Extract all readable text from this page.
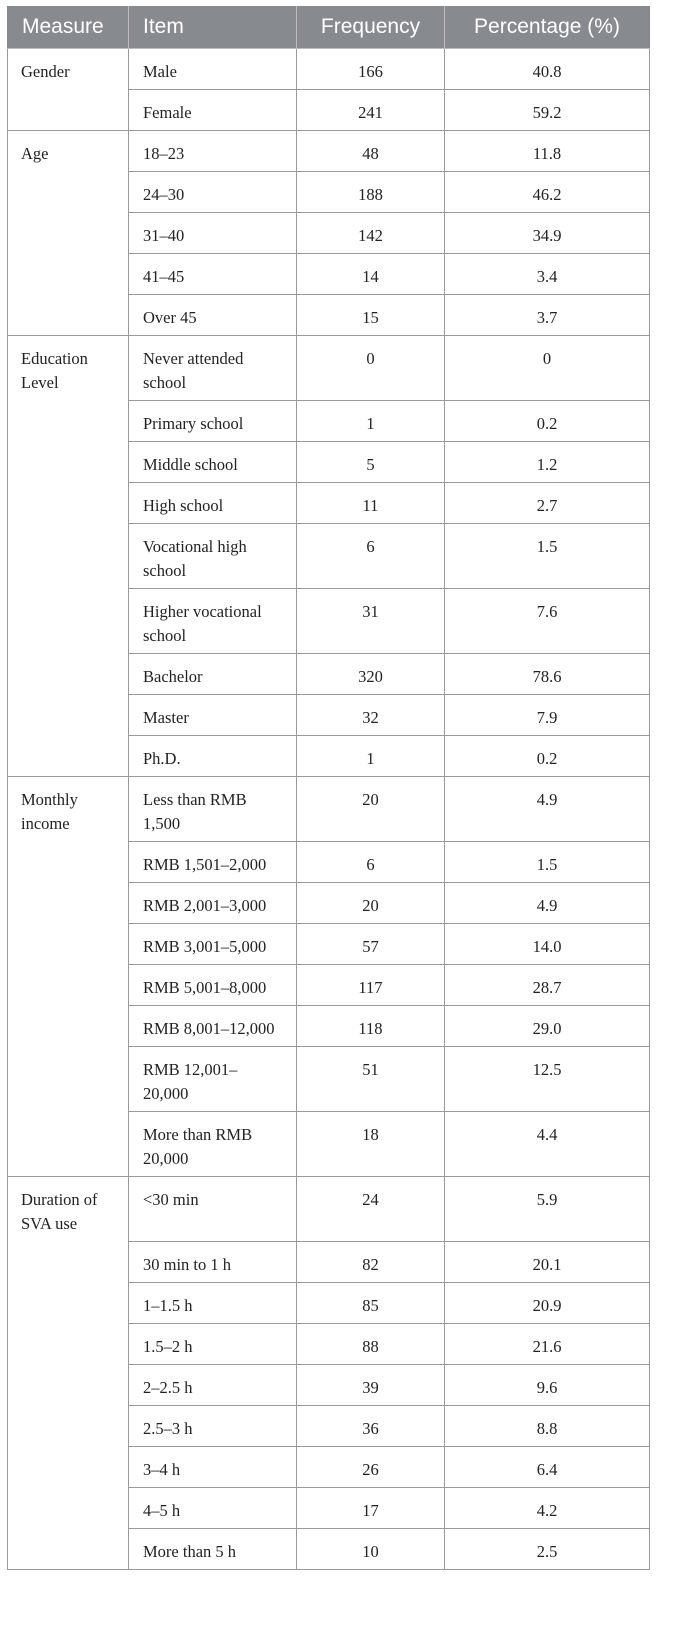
Measure	Item	Frequency	Percentage (%)
Gender	Male	166	40.8
	Female	241	59.2
Age	18–23	48	11.8
	24–30	188	46.2
	31–40	142	34.9
	41–45	14	3.4
	Over 45	15	3.7
Education Level	Never attended school	0	0
	Primary school	1	0.2
	Middle school	5	1.2
	High school	11	2.7
	Vocational high school	6	1.5
	Higher vocational school	31	7.6
	Bachelor	320	78.6
	Master	32	7.9
	Ph.D.	1	0.2
Monthly income	Less than RMB 1,500	20	4.9
	RMB 1,501–2,000	6	1.5
	RMB 2,001–3,000	20	4.9
	RMB 3,001–5,000	57	14.0
	RMB 5,001–8,000	117	28.7
	RMB 8,001–12,000	118	29.0
	RMB 12,001–20,000	51	12.5
	More than RMB 20,000	18	4.4
Duration of SVA use	<30 min	24	5.9
	30 min to 1 h	82	20.1
	1–1.5 h	85	20.9
	1.5–2 h	88	21.6
	2–2.5 h	39	9.6
	2.5–3 h	36	8.8
	3–4 h	26	6.4
	4–5 h	17	4.2
	More than 5 h	10	2.5
